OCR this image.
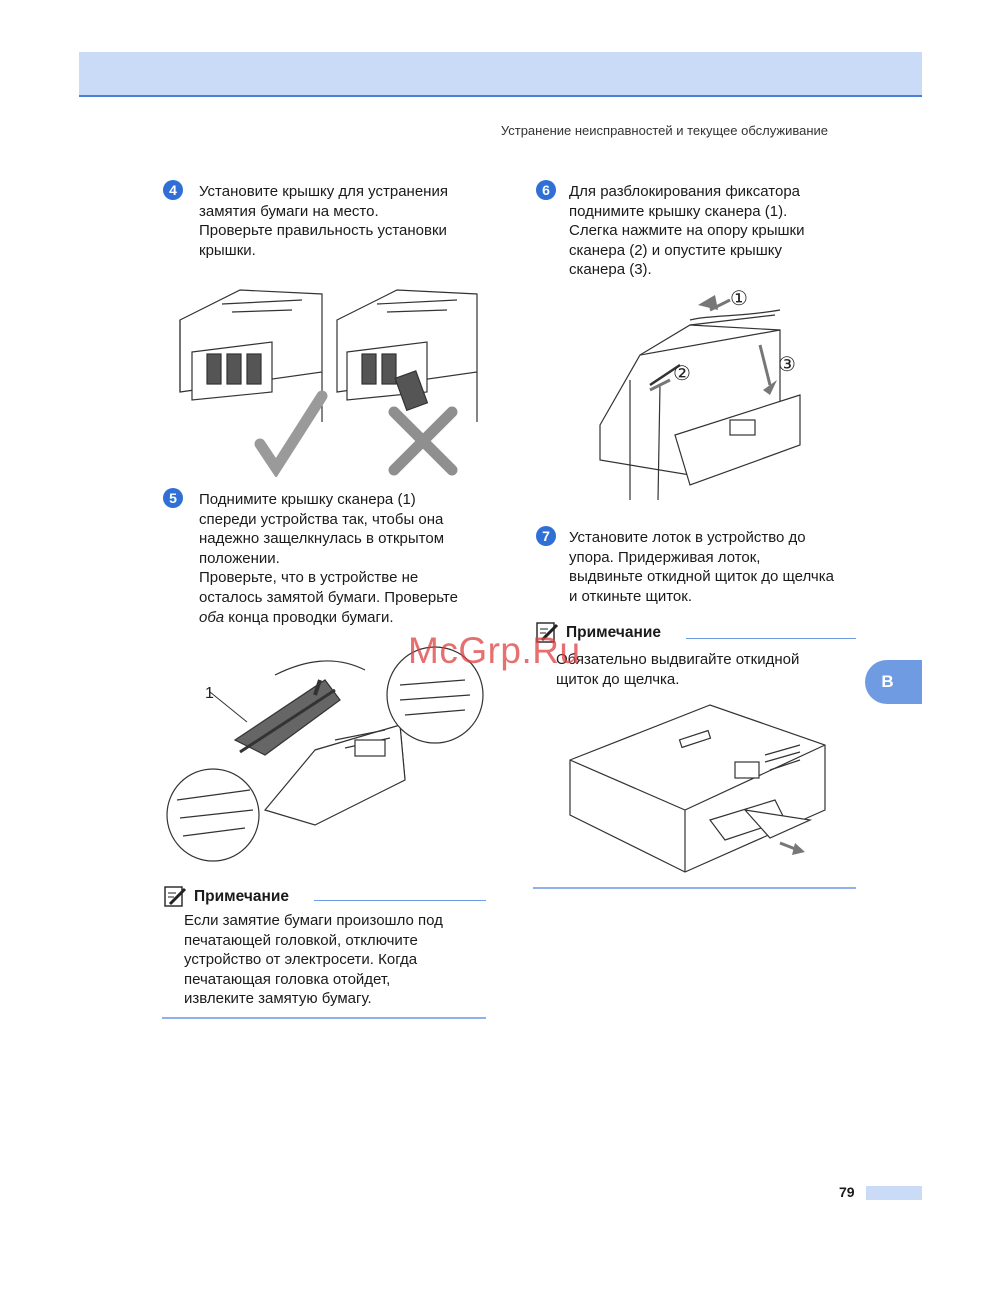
Устранение неисправностей и текущее обслуживание
4	Установите крышку для устранения
замятия бумаги на место.
Проверьте правильность установки
крышки.
5	Поднимите крышку сканера (1)
спереди устройства так, чтобы она
надежно защелкнулась в открытом
положении.
Проверьте, что в устройстве не
осталось замятой бумаги. Проверьте
оба конца проводки бумаги.
1
Примечание
Если замятие бумаги произошло под
печатающей головкой, отключите
устройство от электросети. Когда
печатающая головка отойдет,
извлеките замятую бумагу.
6	Для разблокирования фиксатора
поднимите крышку сканера (1).
Слегка нажмите на опору крышки
сканера (2) и опустите крышку
сканера (3).
①
②	③
7	Установите лоток в устройство до
упора. Придерживая лоток,
выдвиньте откидной щиток до щелчка
и откиньте щиток.
Примечание
Обязательно выдвигайте откидной
щиток до щелчка.	B
79
McGrp.Ru
